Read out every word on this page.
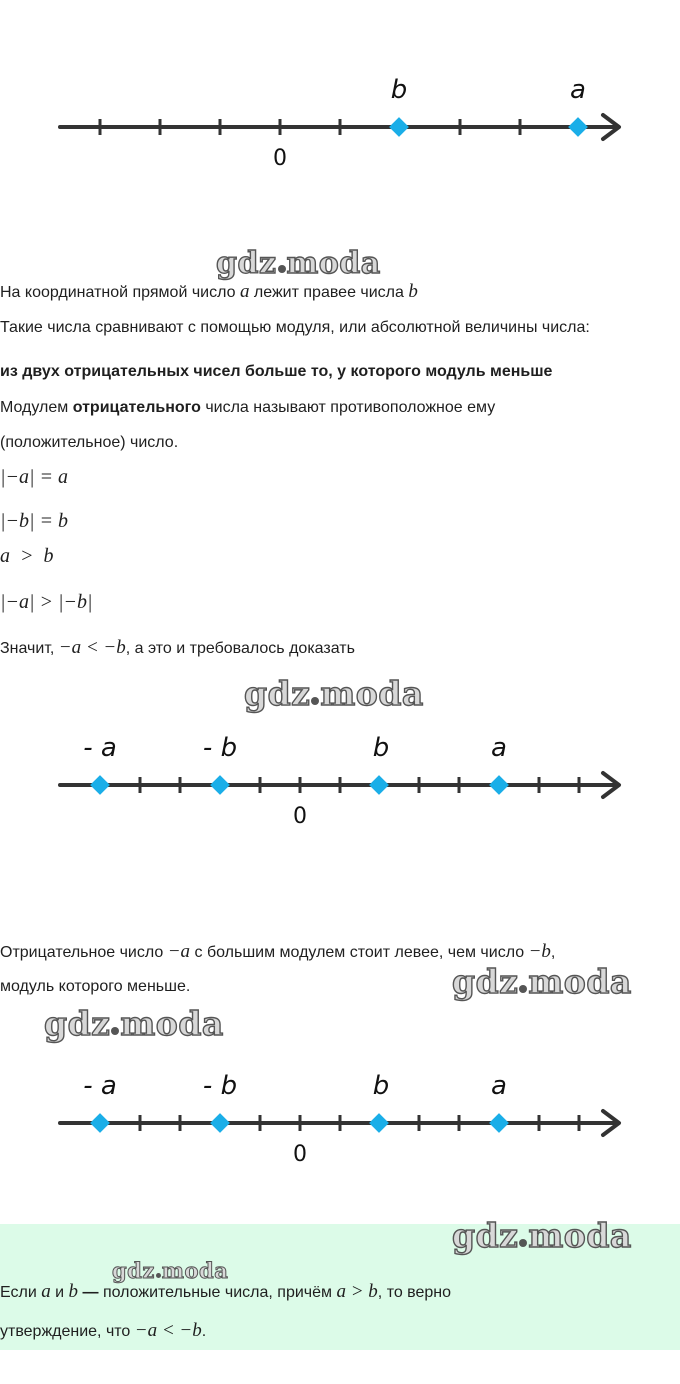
b	a
0
gdz moda
На координатной прямой число a лежит правее числа b
Такие числа сравнивают с помощью модуля, или абсолютной величины числа:
из двух отрицательных чисел больше то, у которого модуль меньше
Модулем отрицательного числа называют противоположное ему
(положительное) число.
|−a| = a
|−b| = b
a  >  b
|−a| > |−b|
Значит, −a < −b, а это и требовалось доказать
gdz moda
- a	- b	b	a
0
Отрицательное число −a с большим модулем стоит левее, чем число −b,
модуль которого меньше.	gdz moda
gdz moda
- a	- b	b	a
0
gdz moda
gdz moda
Если a и b — положительные числа, причём a > b, то верно
утверждение, что −a < −b.
